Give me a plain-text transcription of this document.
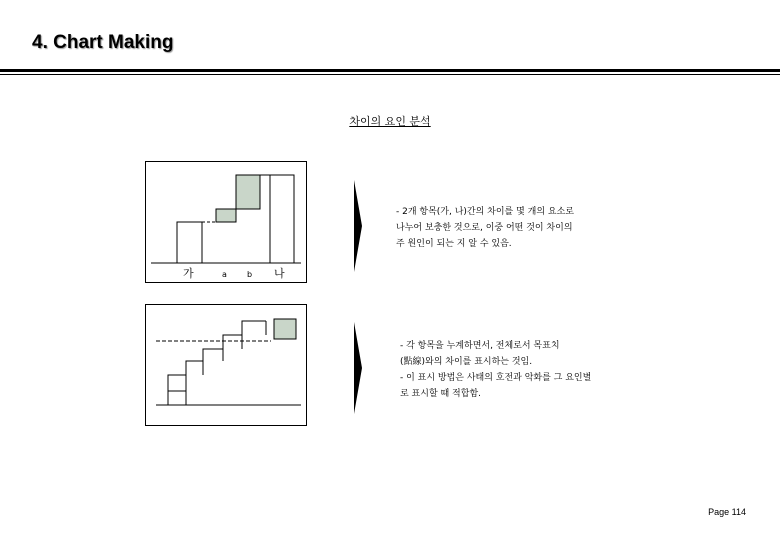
4. Chart Making
차이의 요인 분석
가	a	b 나
- 2개 항목(가, 나)간의 차이를 몇 개의 요소로
나누어 보충한 것으로, 이중 어떤 것이 차이의
주 원인이 되는 지 알 수 있음.
- 각 항목을 누계하면서, 전체로서 목표치
(點線)와의 차이를 표시하는 것임.
- 이 표시 방법은 사태의 호전과 악화를 그 요인별
로 표시할 때 적합함.
Page 114
